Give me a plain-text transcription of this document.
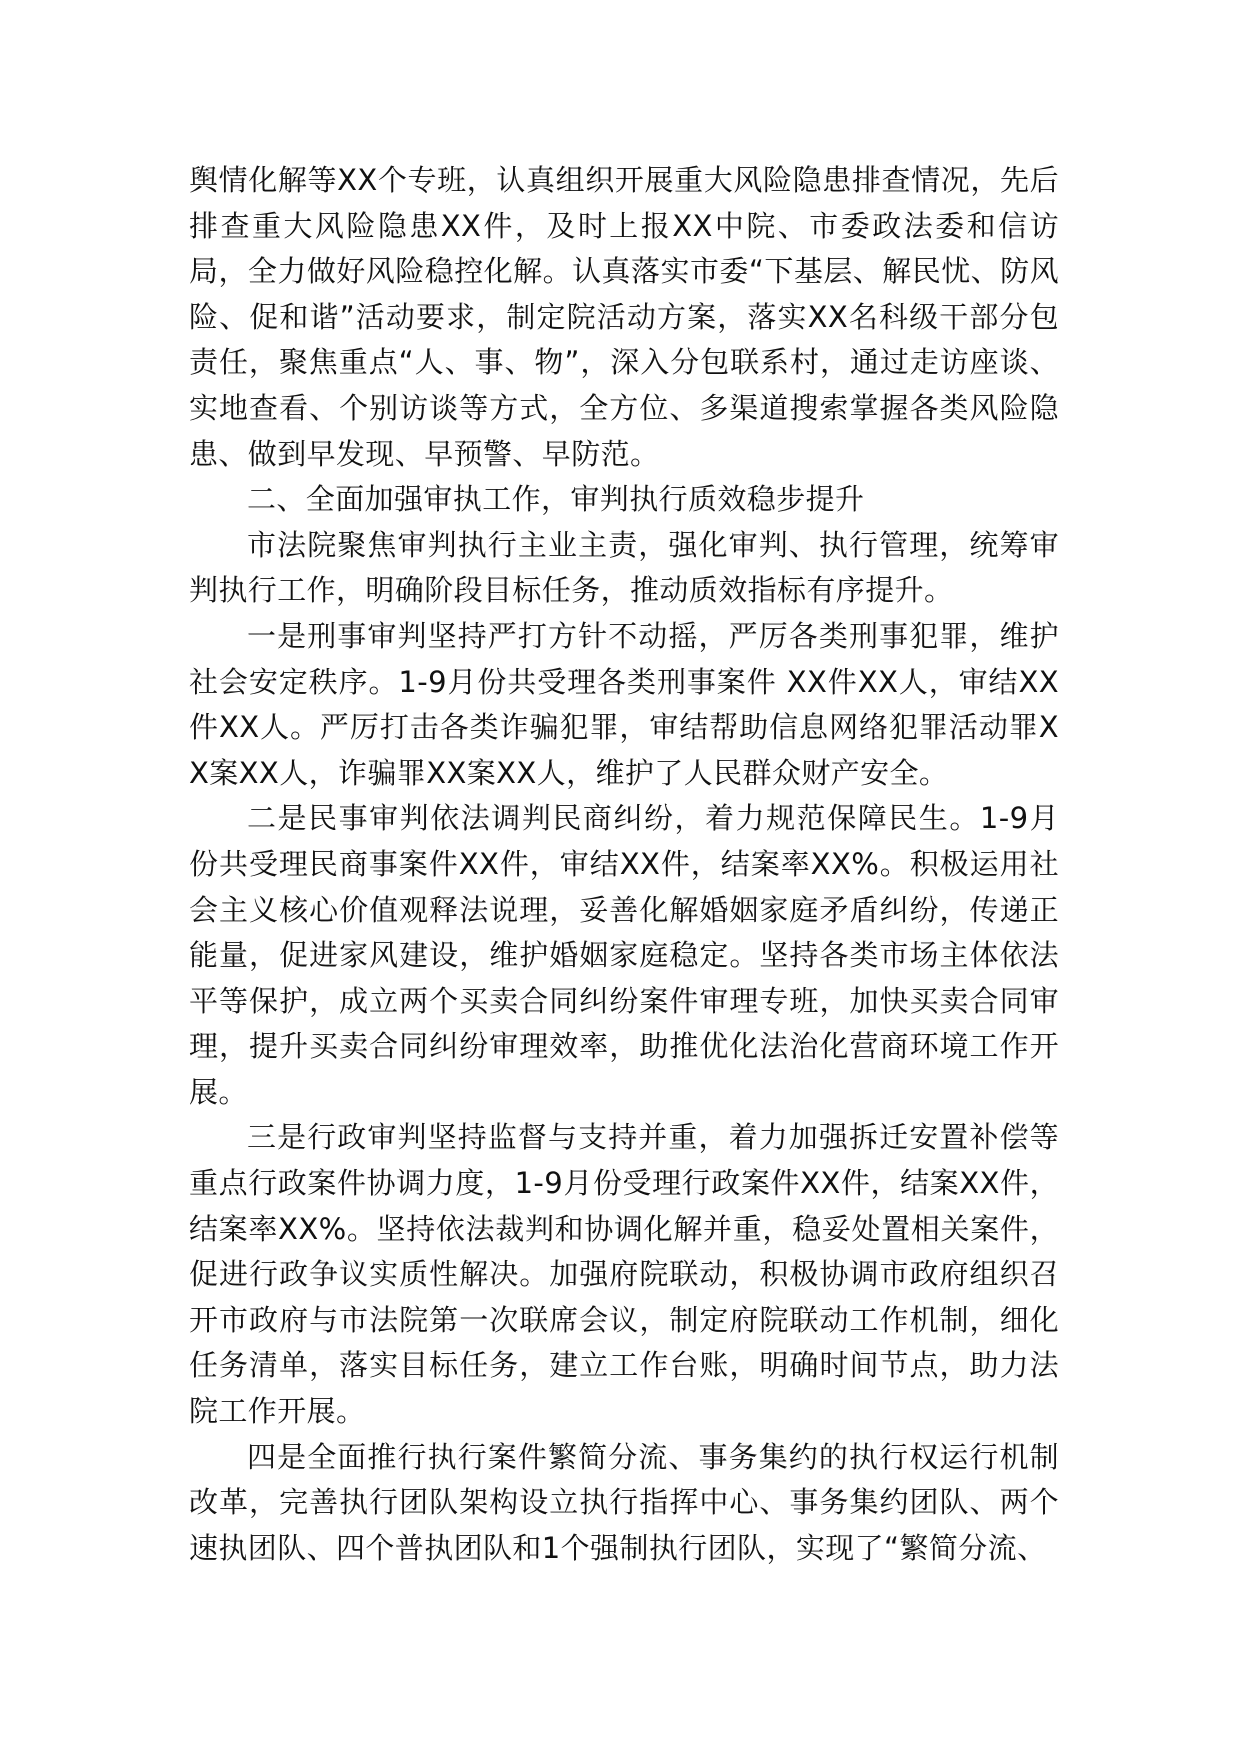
舆情化解等XX个专班，认真组织开展重大风险隐患排查情况，先后排查重大风险隐患XX件，及时上报XX中院、市委政法委和信访局，全力做好风险稳控化解。认真落实市委“下基层、解民忧、防风险、促和谐”活动要求，制定院活动方案，落实XX名科级干部分包责任，聚焦重点“人、事、物”，深入分包联系村，通过走访座谈、实地查看、个别访谈等方式，全方位、多渠道搜索掌握各类风险隐患、做到早发现、早预警、早防范。

二、全面加强审执工作，审判执行质效稳步提升

市法院聚焦审判执行主业主责，强化审判、执行管理，统筹审判执行工作，明确阶段目标任务，推动质效指标有序提升。

一是刑事审判坚持严打方针不动摇，严厉各类刑事犯罪，维护社会安定秩序。1-9月份共受理各类刑事案件 XX件XX人，审结XX件XX人。严厉打击各类诈骗犯罪，审结帮助信息网络犯罪活动罪XX案XX人，诈骗罪XX案XX人，维护了人民群众财产安全。

二是民事审判依法调判民商纠纷，着力规范保障民生。1-9月份共受理民商事案件XX件，审结XX件，结案率XX%。积极运用社会主义核心价值观释法说理，妥善化解婚姻家庭矛盾纠纷，传递正能量，促进家风建设，维护婚姻家庭稳定。坚持各类市场主体依法平等保护，成立两个买卖合同纠纷案件审理专班，加快买卖合同审理，提升买卖合同纠纷审理效率，助推优化法治化营商环境工作开展。

三是行政审判坚持监督与支持并重，着力加强拆迁安置补偿等重点行政案件协调力度，1-9月份受理行政案件XX件，结案XX件，结案率XX%。坚持依法裁判和协调化解并重，稳妥处置相关案件，促进行政争议实质性解决。加强府院联动，积极协调市政府组织召开市政府与市法院第一次联席会议，制定府院联动工作机制，细化任务清单，落实目标任务，建立工作台账，明确时间节点，助力法院工作开展。

四是全面推行执行案件繁简分流、事务集约的执行权运行机制改革，完善执行团队架构设立执行指挥中心、事务集约团队、两个速执团队、四个普执团队和1个强制执行团队，实现了“繁简分流、
